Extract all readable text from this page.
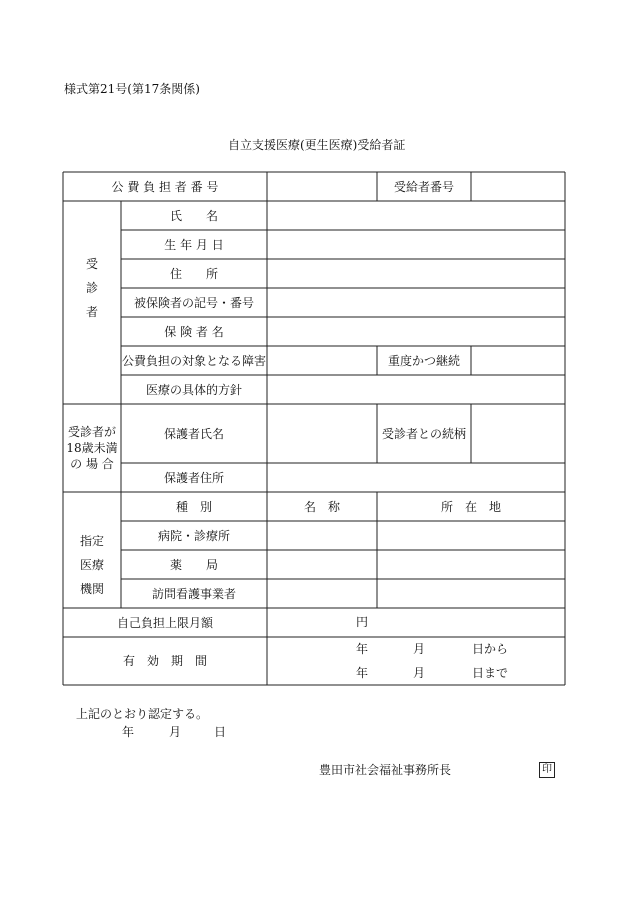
様式第21号(第17条関係)
自立支援医療(更生医療)受給者証
公 費 負 担 者 番 号	受給者番号
受
診
者
氏　　名
生 年 月 日
住　　所
被保険者の記号・番号
保 険 者 名
公費負担の対象となる障害	重度かつ継続
医療の具体的方針
受診者が
18歳未満
の 場 合
保護者氏名	受診者との続柄
保護者住所
指定
医療
機関
種　別	名　称	所　在　地
病院・診療所
薬　　局
訪問看護事業者
自己負担上限月額	円
有　効　期　間
年	月	日から
年	月	日まで
上記のとおり認定する。
年	月	日
豊田市社会福祉事務所長	印
